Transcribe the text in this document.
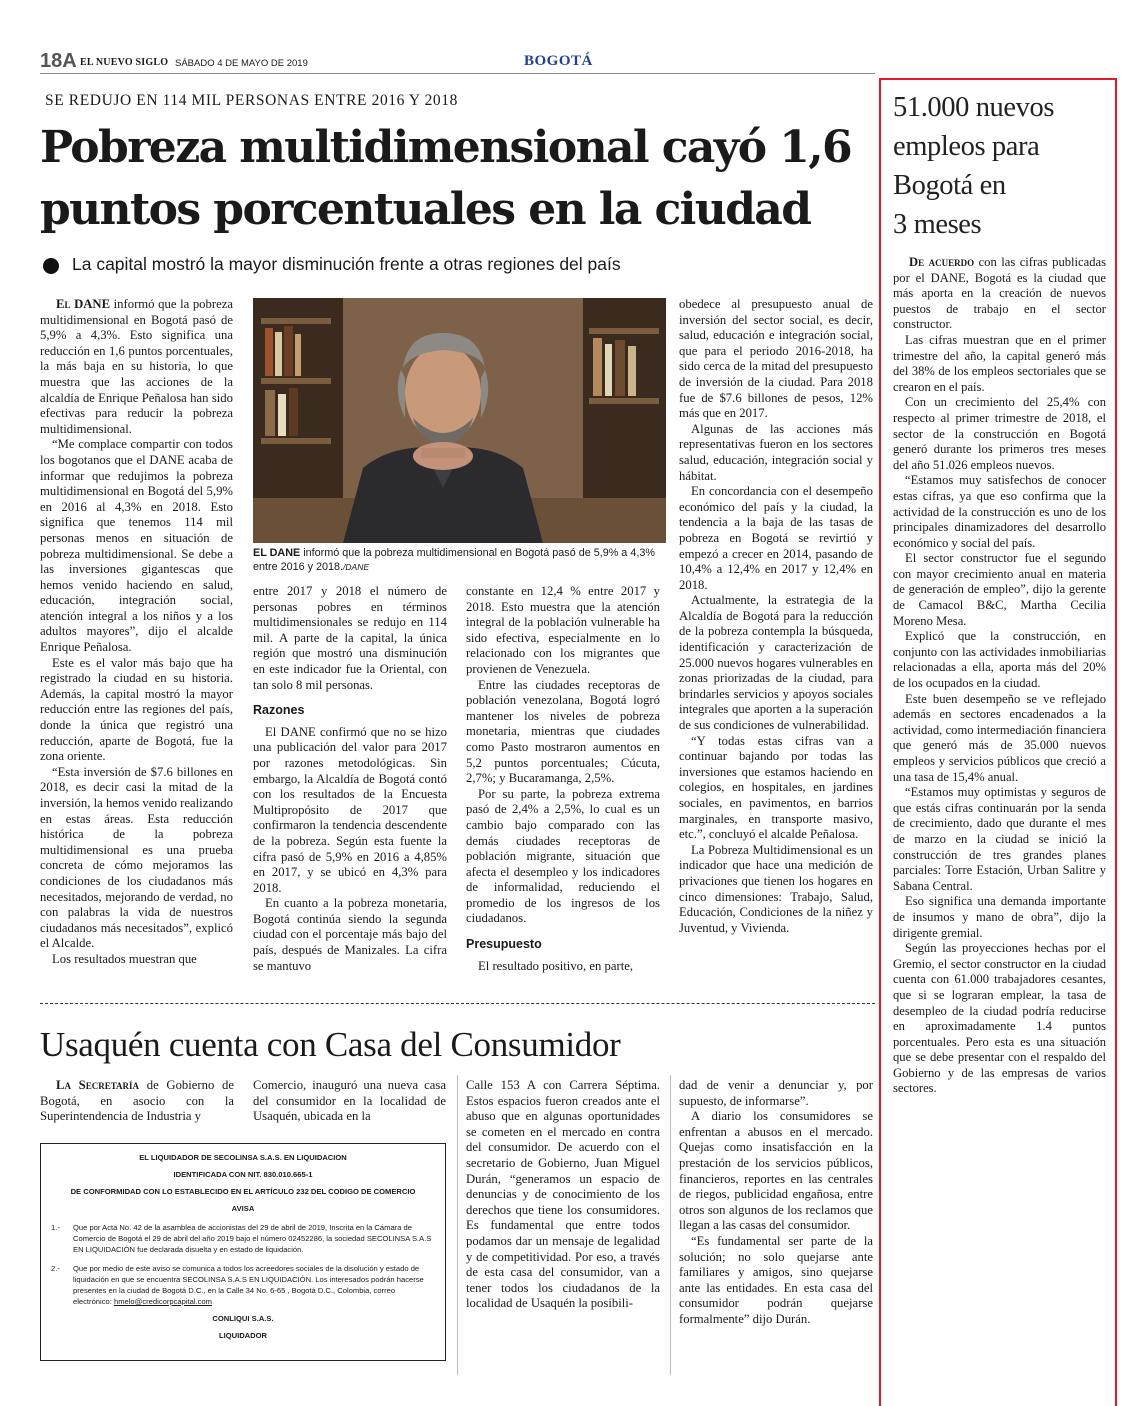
18A EL NUEVO SIGLO SÁBADO 4 DE MAYO DE 2019	BOGOTÁ
SE REDUJO EN 114 MIL PERSONAS ENTRE 2016 Y 2018
Pobreza multidimensional cayó 1,6
puntos porcentuales en la ciudad
La capital mostró la mayor disminución frente a otras regiones del país

El DANE informó que la pobreza multidimensional en Bogotá pasó de 5,9% a 4,3%. Esto significa una reducción en 1,6 puntos porcentuales, la más baja en su historia, lo que muestra que las acciones de la alcaldía de Enrique Peñalosa han sido efectivas para reducir la pobreza multidimensional.

“Me complace compartir con todos los bogotanos que el DANE acaba de informar que redujimos la pobreza multidimensional en Bogotá del 5,9% en 2016 al 4,3% en 2018. Esto significa que tenemos 114 mil personas menos en situación de pobreza multidimensional. Se debe a las inversiones gigantescas que hemos venido haciendo en salud, educación, integración social, atención integral a los niños y a los adultos mayores”, dijo el alcalde Enrique Peñalosa.

Este es el valor más bajo que ha registrado la ciudad en su historia. Además, la capital mostró la mayor reducción entre las regiones del país, donde la única que registró una reducción, aparte de Bogotá, fue la zona oriente.

“Esta inversión de $7.6 billones en 2018, es decir casi la mitad de la inversión, la hemos venido realizando en estas áreas. Esta reducción histórica de la pobreza multidimensional es una prueba concreta de cómo mejoramos las condiciones de los ciudadanos más necesitados, mejorando de verdad, no con palabras la vida de nuestros ciudadanos más necesitados”, explicó el Alcalde.

Los resultados muestran que

EL DANE informó que la pobreza multidimensional en Bogotá pasó de 5,9% a 4,3% entre 2016 y 2018./DANE

entre 2017 y 2018 el número de personas pobres en términos multidimensionales se redujo en 114 mil. A parte de la capital, la única región que mostró una disminución en este indicador fue la Oriental, con tan solo 8 mil personas.

Razones

El DANE confirmó que no se hizo una publicación del valor para 2017 por razones metodológicas. Sin embargo, la Alcaldía de Bogotá contó con los resultados de la Encuesta Multipropósito de 2017 que confirmaron la tendencia descendente de la pobreza. Según esta fuente la cifra pasó de 5,9% en 2016 a 4,85% en 2017, y se ubicó en 4,3% para 2018.

En cuanto a la pobreza monetaria, Bogotá continúa siendo la segunda ciudad con el porcentaje más bajo del país, después de Manizales. La cifra se mantuvo

constante en 12,4 % entre 2017 y 2018. Esto muestra que la atención integral de la población vulnerable ha sido efectiva, especialmente en lo relacionado con los migrantes que provienen de Venezuela.

Entre las ciudades receptoras de población venezolana, Bogotá logró mantener los niveles de pobreza monetaria, mientras que ciudades como Pasto mostraron aumentos en 5,2 puntos porcentuales; Cúcuta, 2,7%; y Bucaramanga, 2,5%.

Por su parte, la pobreza extrema pasó de 2,4% a 2,5%, lo cual es un cambio bajo comparado con las demás ciudades receptoras de población migrante, situación que afecta el desempleo y los indicadores de informalidad, reduciendo el promedio de los ingresos de los ciudadanos.

Presupuesto

El resultado positivo, en parte,

obedece al presupuesto anual de inversión del sector social, es decir, salud, educación e integración social, que para el periodo 2016-2018, ha sido cerca de la mitad del presupuesto de inversión de la ciudad. Para 2018 fue de $7.6 billones de pesos, 12% más que en 2017.

Algunas de las acciones más representativas fueron en los sectores salud, educación, integración social y hábitat.

En concordancia con el desempeño económico del país y la ciudad, la tendencia a la baja de las tasas de pobreza en Bogotá se revirtió y empezó a crecer en 2014, pasando de 10,4% a 12,4% en 2017 y 12,4% en 2018.

Actualmente, la estrategia de la Alcaldía de Bogotá para la reducción de la pobreza contempla la búsqueda, identificación y caracterización de 25.000 nuevos hogares vulnerables en zonas priorizadas de la ciudad, para brindarles servicios y apoyos sociales integrales que aporten a la superación de sus condiciones de vulnerabilidad.

“Y todas estas cifras van a continuar bajando por todas las inversiones que estamos haciendo en colegios, en hospitales, en jardines sociales, en pavimentos, en barrios marginales, en transporte masivo, etc.”, concluyó el alcalde Peñalosa.

La Pobreza Multidimensional es un indicador que hace una medición de privaciones que tienen los hogares en cinco dimensiones: Trabajo, Salud, Educación, Condiciones de la niñez y Juventud, y Vivienda.

Usaquén cuenta con Casa del Consumidor

La Secretaría de Gobierno de Bogotá, en asocio con la Superintendencia de Industria y

Comercio, inauguró una nueva casa del consumidor en la localidad de Usaquén, ubicada en la

Calle 153 A con Carrera Séptima. Estos espacios fueron creados ante el abuso que en algunas oportunidades se cometen en el mercado en contra del consumidor. De acuerdo con el secretario de Gobierno, Juan Miguel Durán, “generamos un espacio de denuncias y de conocimiento de los derechos que tiene los consumidores. Es fundamental que entre todos podamos dar un mensaje de legalidad y de competitividad. Por eso, a través de esta casa del consumidor, van a tener todos los ciudadanos de la localidad de Usaquén la posibili-

dad de venir a denunciar y, por supuesto, de informarse”.

A diario los consumidores se enfrentan a abusos en el mercado. Quejas como insatisfacción en la prestación de los servicios públicos, financieros, reportes en las centrales de riegos, publicidad engañosa, entre otros son algunos de los reclamos que llegan a las casas del consumidor.

“Es fundamental ser parte de la solución; no solo quejarse ante familiares y amigos, sino quejarse ante las entidades. En esta casa del consumidor podrán quejarse formalmente” dijo Durán.

EL LIQUIDADOR DE SECOLINSA S.A.S. EN LIQUIDACION
IDENTIFICADA CON NIT. 830.010.665-1
DE CONFORMIDAD CON LO ESTABLECIDO EN EL ARTÍCULO 232 DEL CODIGO DE COMERCIO
AVISA
1.-	Que por Acta No. 42 de la asamblea de accionistas del 29 de abril de 2019, Inscrita en la Cámara de Comercio de Bogotá el 29 de abril del año 2019 bajo el número 02452286, la sociedad SECOLINSA S.A.S EN LIQUIDACIÓN fue declarada disuelta y en estado de liquidación.
2.-	Que por medio de este aviso se comunica a todos los acreedores sociales de la disolución y estado de liquidación en que se encuentra SECOLINSA S.A.S EN LIQUIDACIÓN. Los interesados podrán hacerse presentes en la ciudad de Bogotá D.C., en la Calle 34 No. 6-65 , Bogotá D.C., Colombia, correo electrónico: hmelo@credicorpcapital.com
CONLIQUI S.A.S.
LIQUIDADOR
51.000 nuevos
empleos para
Bogotá en
3 meses

De acuerdo con las cifras publicadas por el DANE, Bogotá es la ciudad que más aporta en la creación de nuevos puestos de trabajo en el sector constructor.

Las cifras muestran que en el primer trimestre del año, la capital generó más del 38% de los empleos sectoriales que se crearon en el país.

Con un crecimiento del 25,4% con respecto al primer trimestre de 2018, el sector de la construcción en Bogotá generó durante los primeros tres meses del año 51.026 empleos nuevos.

“Estamos muy satisfechos de conocer estas cifras, ya que eso confirma que la actividad de la construcción es uno de los principales dinamizadores del desarrollo económico y social del país.

El sector constructor fue el segundo con mayor crecimiento anual en materia de generación de empleo”, dijo la gerente de Camacol B&C, Martha Cecilia Moreno Mesa.

Explicó que la construcción, en conjunto con las actividades inmobiliarias relacionadas a ella, aporta más del 20% de los ocupados en la ciudad.

Este buen desempeño se ve reflejado además en sectores encadenados a la actividad, como intermediación financiera que generó más de 35.000 nuevos empleos y servicios públicos que creció a una tasa de 15,4% anual.

“Estamos muy optimistas y seguros de que estás cifras continuarán por la senda de crecimiento, dado que durante el mes de marzo en la ciudad se inició la construcción de tres grandes planes parciales: Torre Estación, Urban Salitre y Sabana Central.

Eso significa una demanda importante de insumos y mano de obra”, dijo la dirigente gremial.

Según las proyecciones hechas por el Gremio, el sector constructor en la ciudad cuenta con 61.000 trabajadores cesantes, que si se lograran emplear, la tasa de desempleo de la ciudad podría reducirse en aproximadamente 1.4 puntos porcentuales. Pero esta es una situación que se debe presentar con el respaldo del Gobierno y de las empresas de varios sectores.
